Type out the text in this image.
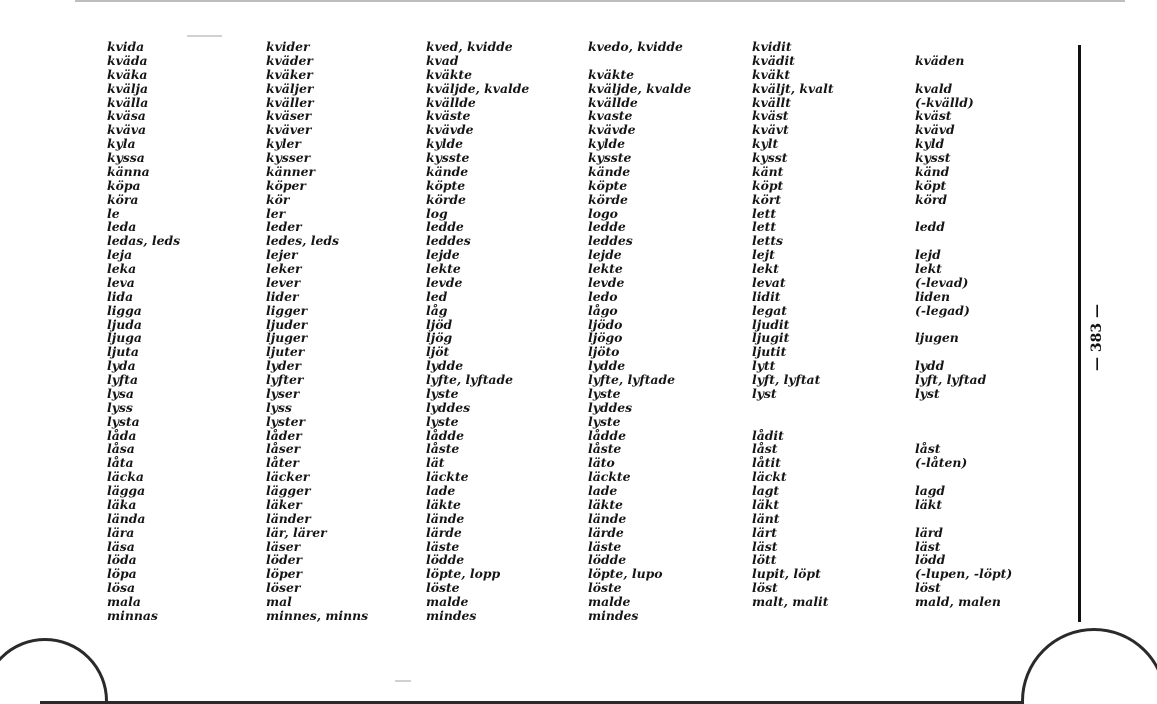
— 383 —
kvida
kväda
kväka
kvälja
kvälla
kväsa
kväva
kyla
kyssa
känna
köpa
köra
le
leda
ledas, leds
leja
leka
leva
lida
ligga
ljuda
ljuga
ljuta
lyda
lyfta
lysa
lyss
lysta
låda
låsa
låta
läcka
lägga
läka
lända
lära
läsa
löda
löpa
lösa
mala
minnas
kvider
kväder
kväker
kväljer
kväller
kväser
kväver
kyler
kysser
känner
köper
kör
ler
leder
ledes, leds
lejer
leker
lever
lider
ligger
ljuder
ljuger
ljuter
lyder
lyfter
lyser
lyss
lyster
låder
låser
låter
läcker
lägger
läker
länder
lär, lärer
läser
löder
löper
löser
mal
minnes, minns
kved, kvidde
kvad
kväkte
kväljde, kvalde
kvällde
kväste
kvävde
kylde
kysste
kände
köpte
körde
log
ledde
leddes
lejde
lekte
levde
led
låg
ljöd
ljög
ljöt
lydde
lyfte, lyftade
lyste
lyddes
lyste
lådde
låste
lät
läckte
lade
läkte
lände
lärde
läste
lödde
löpte, lopp
löste
malde
mindes
kvedo, kvidde
kväkte
kväljde, kvalde
kvällde
kvaste
kvävde
kylde
kysste
kände
köpte
körde
logo
ledde
leddes
lejde
lekte
levde
ledo
lågo
ljödo
ljögo
ljöto
lydde
lyfte, lyftade
lyste
lyddes
lyste
lådde
låste
läto
läckte
lade
läkte
lände
lärde
läste
lödde
löpte, lupo
löste
malde
mindes
kvidit
kvädit
kväkt
kväljt, kvalt
kvällt
kväst
kvävt
kylt
kysst
känt
köpt
kört
lett
lett
letts
lejt
lekt
levat
lidit
legat
ljudit
ljugit
ljutit
lytt
lyft, lyftat
lyst
lådit
låst
låtit
läckt
lagt
läkt
länt
lärt
läst
lött
lupit, löpt
löst
malt, malit
kväden
kvald
(-kvälld)
kväst
kvävd
kyld
kysst
känd
köpt
körd
ledd
lejd
lekt
(-levad)
liden
(-legad)
ljugen
lydd
lyft, lyftad
lyst
låst
(-låten)
lagd
läkt
lärd
läst
lödd
(-lupen, -löpt)
löst
mald, malen
